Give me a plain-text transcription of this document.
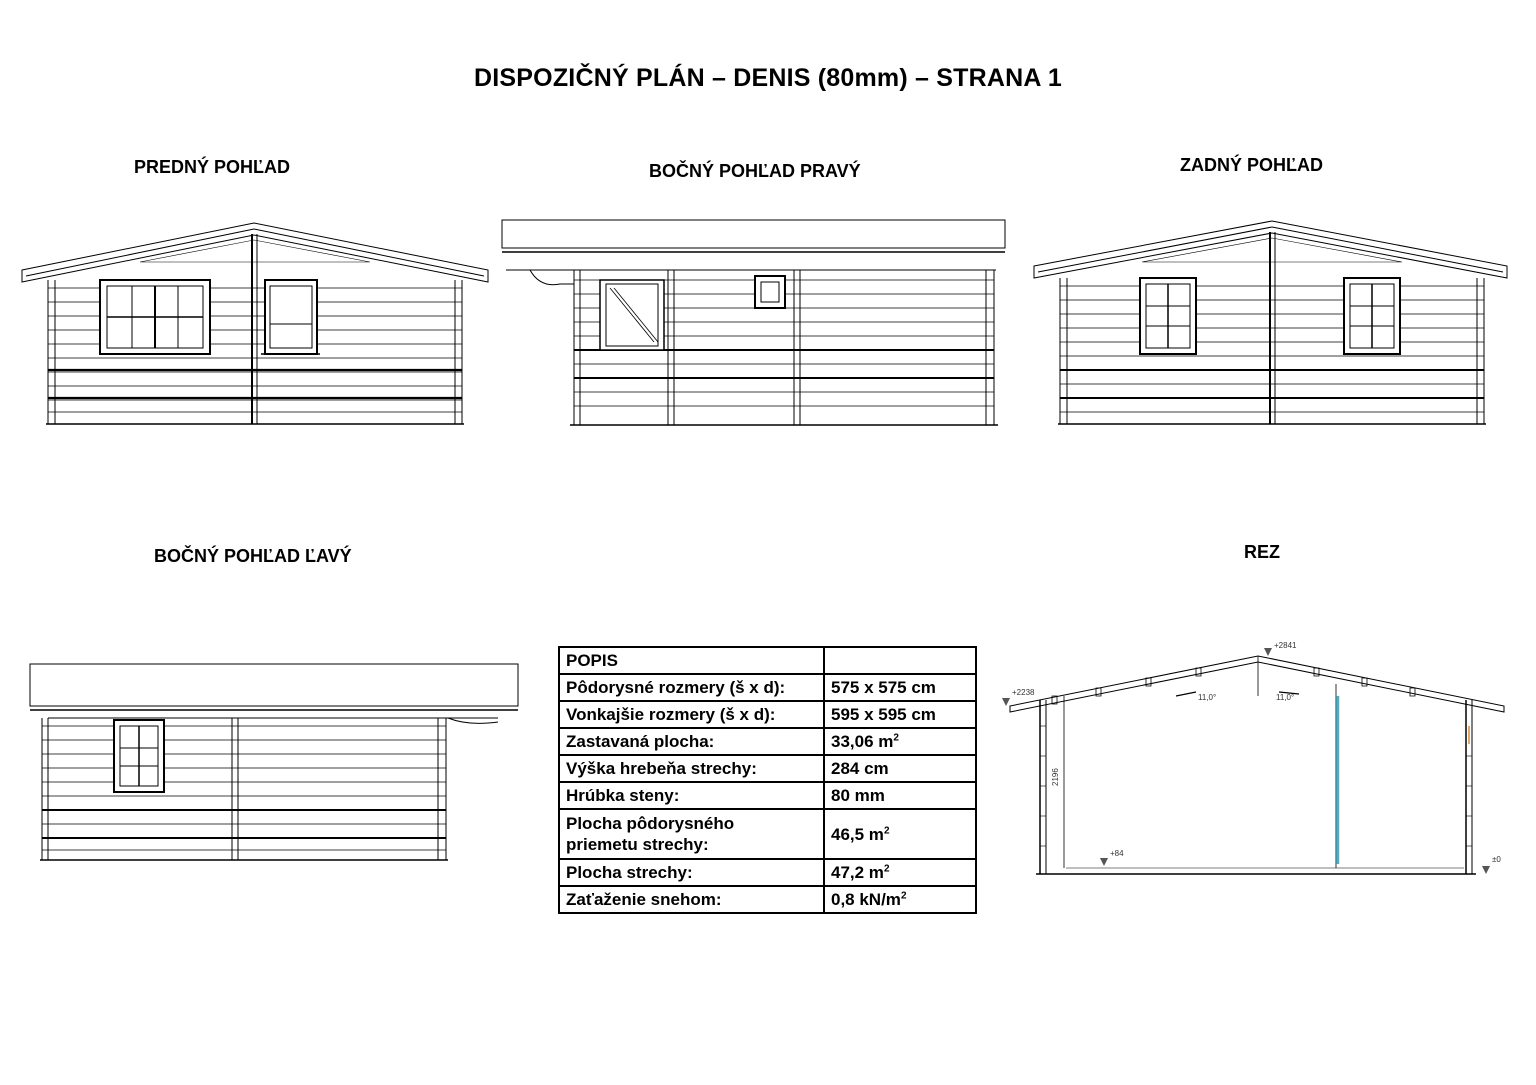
DISPOZIČNÝ PLÁN – DENIS (80mm) – STRANA 1
PREDNÝ POHĽAD	BOČNÝ POHĽAD PRAVÝ	ZADNÝ POHĽAD
BOČNÝ POHĽAD ĽAVÝ	REZ
POPIS	
Pôdorysné rozmery (š x d):	575 x 575 cm
Vonkajšie rozmery (š x d):	595 x 595 cm
Zastavaná plocha:	33,06 $m^2$
Výška hrebeňa strechy:	284 cm
Hrúbka steny:	80 mm
Plocha pôdorysného
priemetu strechy:	46,5 $m^2$
Plocha strechy:	47,2 $m^2$
Zaťaženie snehom:	0,8 $kN/m^2$
+2841
+2238
11,0°	11,0°
2196
+84
±0
